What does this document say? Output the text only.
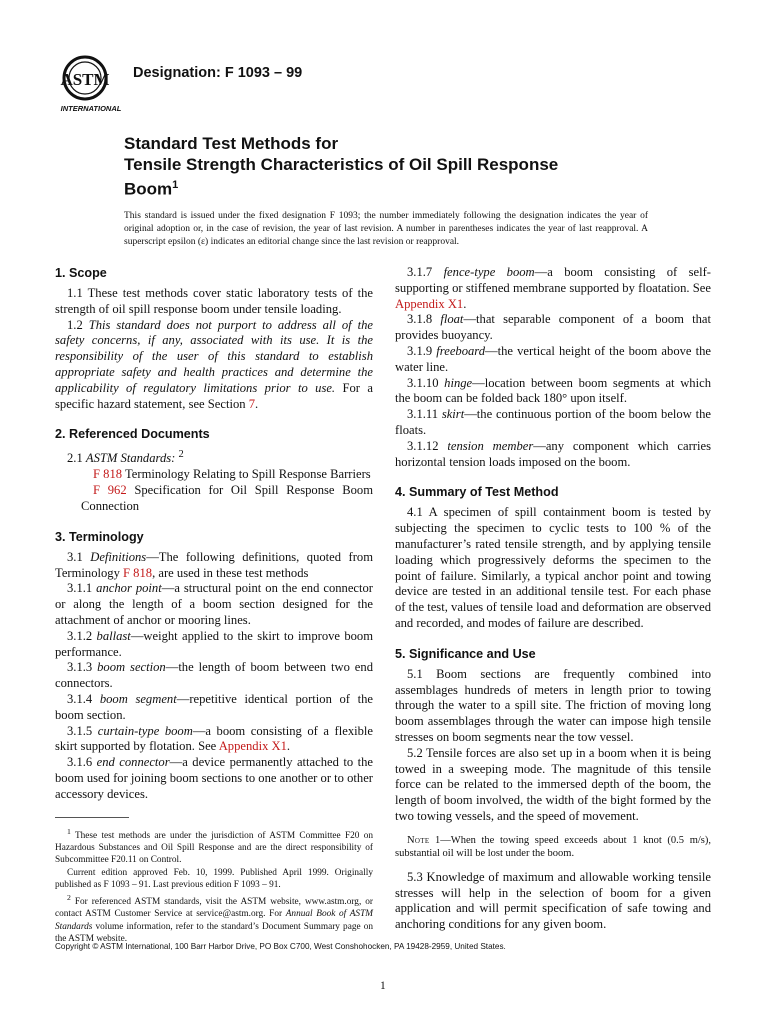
ASTM
INTERNATIONAL
Designation: F 1093 – 99
Standard Test Methods for
Tensile Strength Characteristics of Oil Spill Response
Boom$^1$
This standard is issued under the fixed designation F 1093; the number immediately following the designation indicates the year of original adoption or, in the case of revision, the year of last revision. A number in parentheses indicates the year of last reapproval. A superscript epsilon (ε) indicates an editorial change since the last revision or reapproval.
1. Scope

1.1 These test methods cover static laboratory tests of the strength of oil spill response boom under tensile loading.

1.2 This standard does not purport to address all of the safety concerns, if any, associated with its use. It is the responsibility of the user of this standard to establish appropriate safety and health practices and determine the applicability of regulatory limitations prior to use. For a specific hazard statement, see Section 7.

2. Referenced Documents

2.1 ASTM Standards: $^2$

F 818 Terminology Relating to Spill Response Barriers

F 962 Specification for Oil Spill Response Boom Connection

3. Terminology

3.1 Definitions—The following definitions, quoted from Terminology F 818, are used in these test methods

3.1.1 anchor point—a structural point on the end connector or along the length of a boom section designed for the attachment of anchor or mooring lines.

3.1.2 ballast—weight applied to the skirt to improve boom performance.

3.1.3 boom section—the length of boom between two end connectors.

3.1.4 boom segment—repetitive identical portion of the boom section.

3.1.5 curtain-type boom—a boom consisting of a flexible skirt supported by flotation. See Appendix X1.

3.1.6 end connector—a device permanently attached to the boom used for joining boom sections to one another or to other accessory devices.

$^1$ These test methods are under the jurisdiction of ASTM Committee F20 on Hazardous Substances and Oil Spill Response and are the direct responsibility of Subcommittee F20.11 on Control.

Current edition approved Feb. 10, 1999. Published April 1999. Originally published as F 1093 – 91. Last previous edition F 1093 – 91.

$^2$ For referenced ASTM standards, visit the ASTM website, www.astm.org, or contact ASTM Customer Service at service@astm.org. For Annual Book of ASTM Standards volume information, refer to the standard’s Document Summary page on the ASTM website.

3.1.7 fence-type boom—a boom consisting of self-supporting or stiffened membrane supported by floatation. See Appendix X1.

3.1.8 float—that separable component of a boom that provides buoyancy.

3.1.9 freeboard—the vertical height of the boom above the water line.

3.1.10 hinge—location between boom segments at which the boom can be folded back 180° upon itself.

3.1.11 skirt—the continuous portion of the boom below the floats.

3.1.12 tension member—any component which carries horizontal tension loads imposed on the boom.

4. Summary of Test Method

4.1 A specimen of spill containment boom is tested by subjecting the specimen to cyclic tests to 100 % of the manufacturer’s rated tensile strength, and by applying tensile loading which progressively deforms the specimen to the point of failure. Similarly, a typical anchor point and towing device are tested in an additional tensile test. For each phase of the test, values of tensile load and deformation are observed and recorded, and modes of failure are described.

5. Significance and Use

5.1 Boom sections are frequently combined into assemblages hundreds of meters in length prior to towing through the water to a spill site. The friction of moving long boom assemblages through the water can impose high tensile stresses on boom segments near the tow vessel.

5.2 Tensile forces are also set up in a boom when it is being towed in a sweeping mode. The magnitude of this tensile force can be related to the immersed depth of the boom, the length of boom involved, the width of the bight formed by the two towing vessels, and the speed of movement.

Note 1—When the towing speed exceeds about 1 knot (0.5 m/s), substantial oil will be lost under the boom.

5.3 Knowledge of maximum and allowable working tensile stresses will help in the selection of boom for a given application and will permit specification of safe towing and anchoring conditions for any given boom.

Copyright © ASTM International, 100 Barr Harbor Drive, PO Box C700, West Conshohocken, PA 19428-2959, United States.
1
